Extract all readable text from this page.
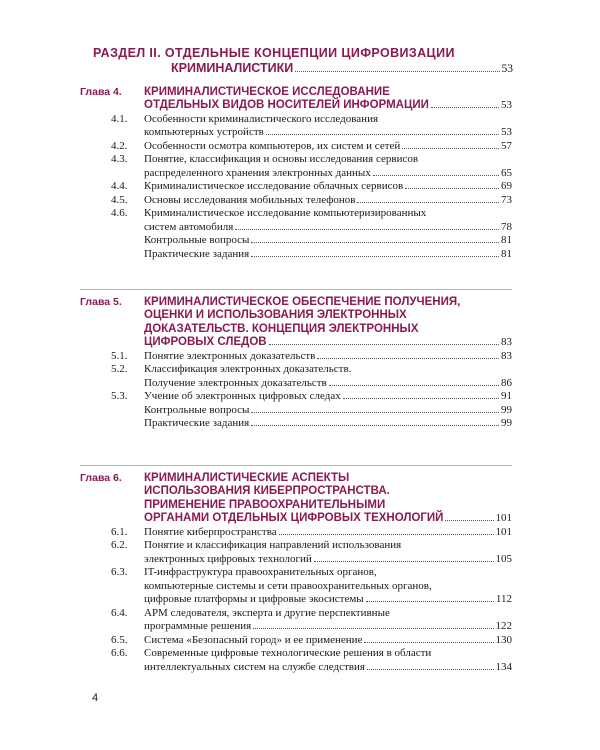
РАЗДЕЛ II. ОТДЕЛЬНЫЕ КОНЦЕПЦИИ ЦИФРОВИЗАЦИИ
КРИМИНАЛИСТИКИ	53
Глава 4. КРИМИНАЛИСТИЧЕСКОЕ ИССЛЕДОВАНИЕ
ОТДЕЛЬНЫХ ВИДОВ НОСИТЕЛЕЙ ИНФОРМАЦИИ	53
4.1. Особенности криминалистического исследования
компьютерных устройств	53
4.2. Особенности осмотра компьютеров, их систем и сетей	57
4.3. Понятие, классификация и основы исследования сервисов
распределенного хранения электронных данных	65
4.4. Криминалистическое исследование облачных сервисов	69
4.5. Основы исследования мобильных телефонов	73
4.6. Криминалистическое исследование компьютеризированных
систем автомобиля	78
Контрольные вопросы	81
Практические задания	81
Глава 5. КРИМИНАЛИСТИЧЕСКОЕ ОБЕСПЕЧЕНИЕ ПОЛУЧЕНИЯ,
ОЦЕНКИ И ИСПОЛЬЗОВАНИЯ ЭЛЕКТРОННЫХ
ДОКАЗАТЕЛЬСТВ. КОНЦЕПЦИЯ ЭЛЕКТРОННЫХ
ЦИФРОВЫХ СЛЕДОВ	83
5.1. Понятие электронных доказательств	83
5.2. Классификация электронных доказательств.
Получение электронных доказательств	86
5.3. Учение об электронных цифровых следах	91
Контрольные вопросы	99
Практические задания	99
Глава 6. КРИМИНАЛИСТИЧЕСКИЕ АСПЕКТЫ
ИСПОЛЬЗОВАНИЯ КИБЕРПРОСТРАНСТВА.
ПРИМЕНЕНИЕ ПРАВООХРАНИТЕЛЬНЫМИ
ОРГАНАМИ ОТДЕЛЬНЫХ ЦИФРОВЫХ ТЕХНОЛОГИЙ	101
6.1. Понятие киберпространства	101
6.2. Понятие и классификация направлений использования
электронных цифровых технологий	105
6.3. IT-инфраструктура правоохранительных органов,
компьютерные системы и сети правоохранительных органов,
цифровые платформы и цифровые экосистемы	112
6.4. АРМ следователя, эксперта и другие перспективные
программные решения	122
6.5. Система «Безопасный город» и ее применение	130
6.6. Современные цифровые технологические решения в области
интеллектуальных систем на службе следствия	134
4
